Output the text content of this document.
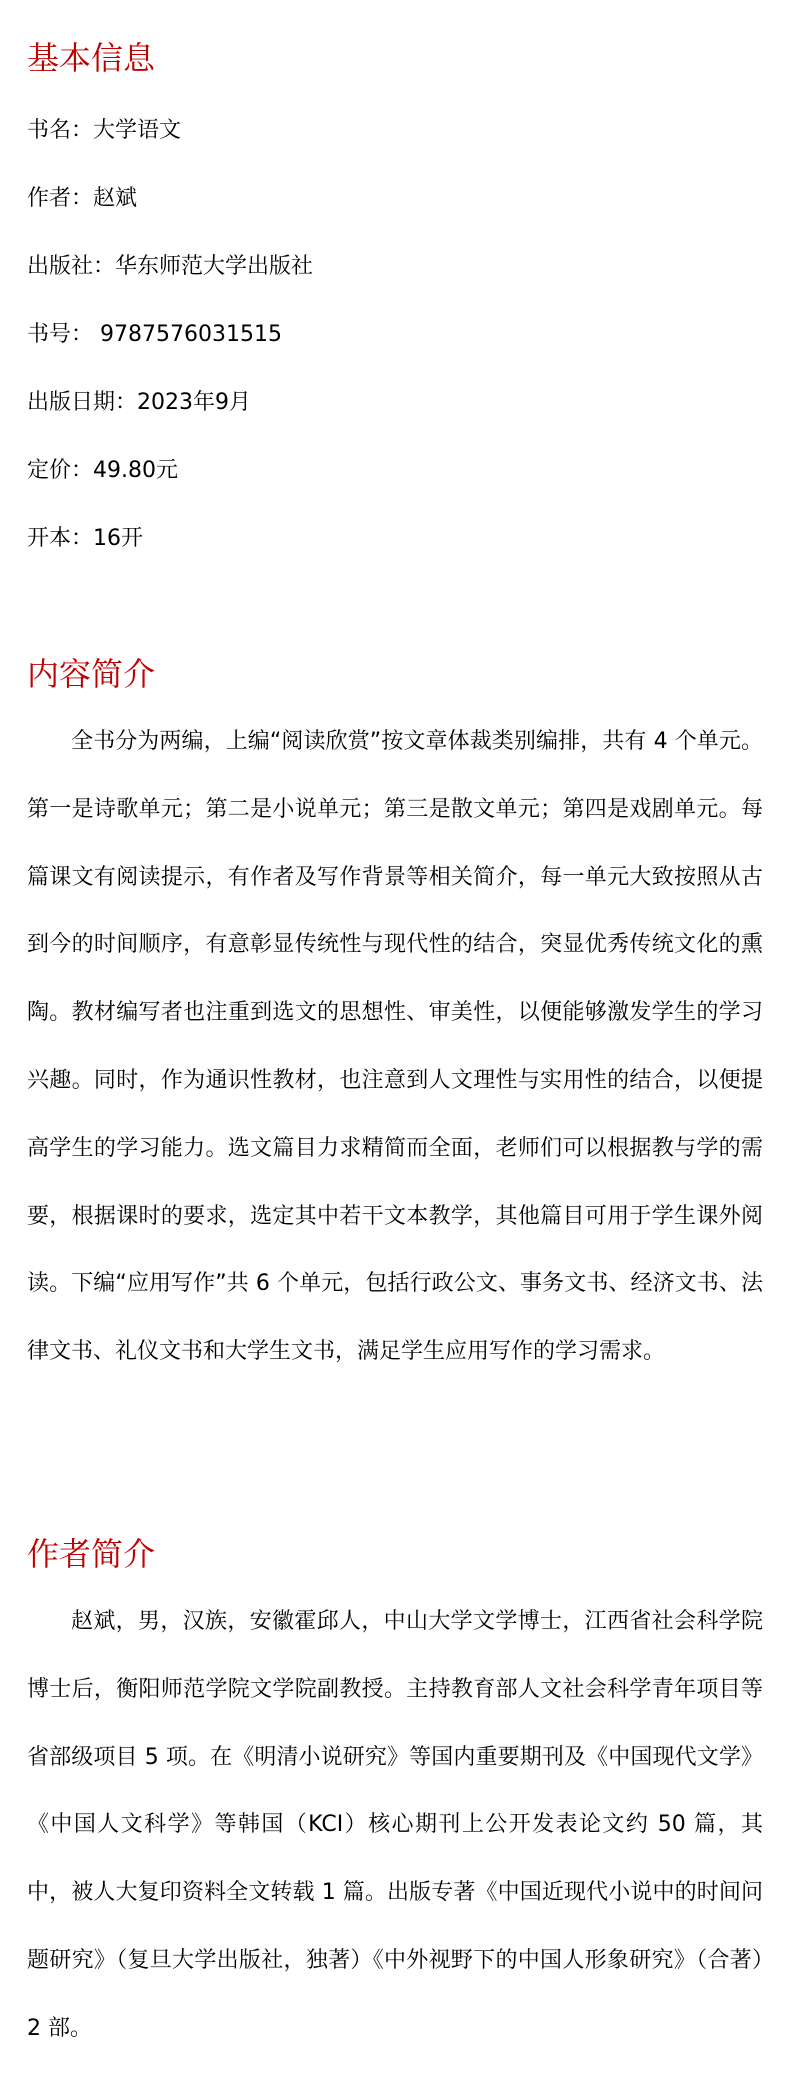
基本信息
书名：大学语文
作者：赵斌
出版社：华东师范大学出版社
书号： 9787576031515
出版日期：2023年9月
定价：49.80元
开本：16开
内容简介

全书分为两编，上编“阅读欣赏”按文章体裁类别编排，共有 4 个单元。第一是诗歌单元；第二是小说单元；第三是散文单元；第四是戏剧单元。每篇课文有阅读提示，有作者及写作背景等相关简介，每一单元大致按照从古到今的时间顺序，有意彰显传统性与现代性的结合，突显优秀传统文化的熏陶。教材编写者也注重到选文的思想性、审美性，以便能够激发学生的学习兴趣。同时，作为通识性教材，也注意到人文理性与实用性的结合，以便提高学生的学习能力。选文篇目力求精简而全面，老师们可以根据教与学的需要，根据课时的要求，选定其中若干文本教学，其他篇目可用于学生课外阅读。下编“应用写作”共 6 个单元，包括行政公文、事务文书、经济文书、法律文书、礼仪文书和大学生文书，满足学生应用写作的学习需求。

作者简介

赵斌，男，汉族，安徽霍邱人，中山大学文学博士，江西省社会科学院博士后，衡阳师范学院文学院副教授。主持教育部人文社会科学青年项目等省部级项目 5 项。在《明清小说研究》等国内重要期刊及《中国现代文学》《中国人文科学》等韩国（KCI）核心期刊上公开发表论文约 50 篇，其中，被人大复印资料全文转载 1 篇。出版专著《中国近现代小说中的时间问题研究》（复旦大学出版社，独著）《中外视野下的中国人形象研究》（合著）2 部。
